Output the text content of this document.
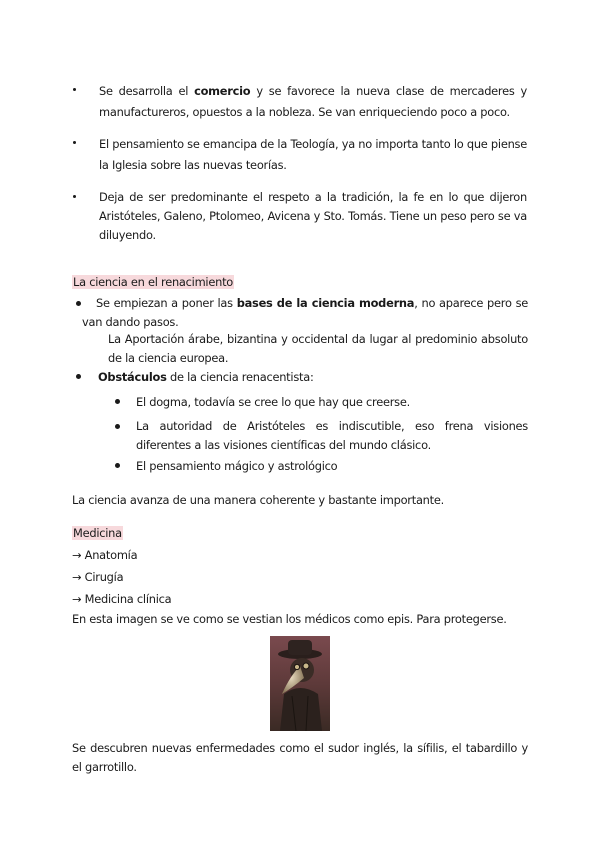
Se desarrolla el comercio y se favorece la nueva clase de mercaderes y manufactureros, opuestos a la nobleza. Se van enriqueciendo poco a poco.
El pensamiento se emancipa de la Teología, ya no importa tanto lo que piense la Iglesia sobre las nuevas teorías.
Deja de ser predominante el respeto a la tradición, la fe en lo que dijeron Aristóteles, Galeno, Ptolomeo, Avicena y Sto. Tomás. Tiene un peso pero se va diluyendo.
La ciencia en el renacimiento
Se empiezan a poner las bases de la ciencia moderna, no aparece pero se van dando pasos.
La Aportación árabe, bizantina y occidental da lugar al predominio absoluto de la ciencia europea.
Obstáculos de la ciencia renacentista:
El dogma, todavía se cree lo que hay que creerse.
La autoridad de Aristóteles es indiscutible, eso frena visiones diferentes a las visiones científicas del mundo clásico.
El pensamiento mágico y astrológico
La ciencia avanza de una manera coherente y bastante importante.
Medicina
→ Anatomía
→ Cirugía
→ Medicina clínica
En esta imagen se ve como se vestian los médicos como epis. Para protegerse.
Se descubren nuevas enfermedades como el sudor inglés, la sífilis, el tabardillo y el garrotillo.
